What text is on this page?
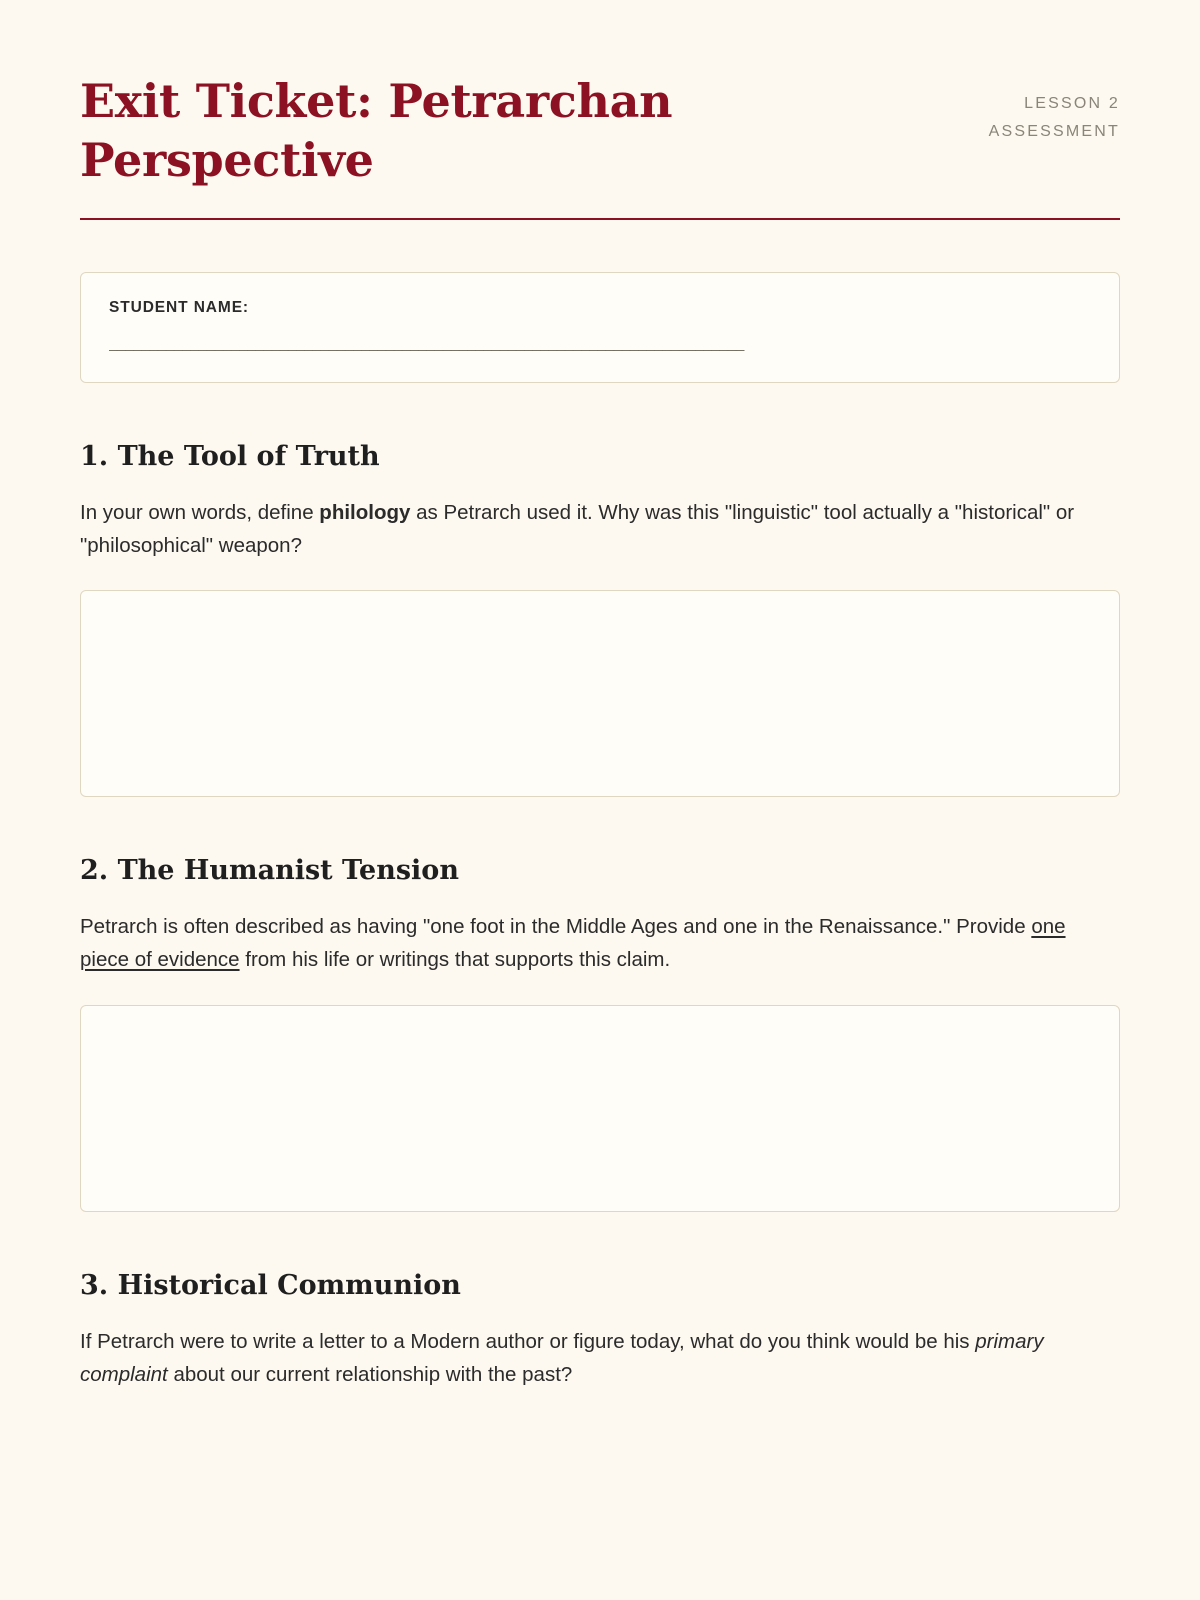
Exit Ticket: Petrarchan Perspective
LESSON 2
ASSESSMENT
STUDENT NAME:
______________________________________________________________________________
1. The Tool of Truth

In your own words, define philology as Petrarch used it. Why was this "linguistic" tool actually a "historical" or "philosophical" weapon?

2. The Humanist Tension

Petrarch is often described as having "one foot in the Middle Ages and one in the Renaissance." Provide one piece of evidence from his life or writings that supports this claim.

3. Historical Communion

If Petrarch were to write a letter to a Modern author or figure today, what do you think would be his primary complaint about our current relationship with the past?
